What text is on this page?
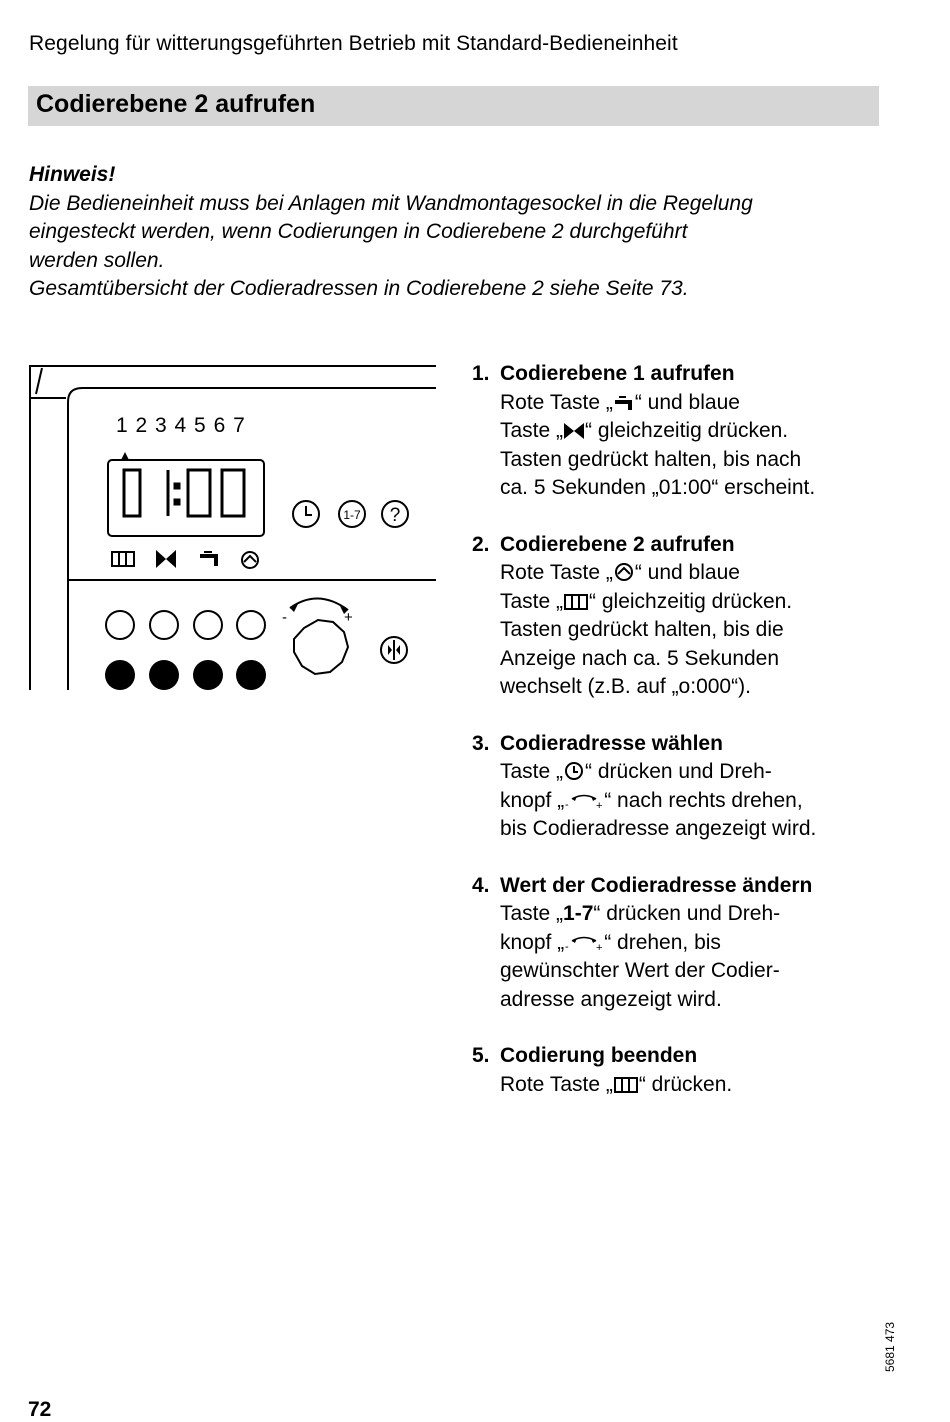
Regelung für witterungsgeführten Betrieb mit Standard-Bedieneinheit
Codierebene 2 aufrufen

Hinweis!

Die Bedieneinheit muss bei Anlagen mit Wandmontagesockel in die Regelung

eingesteckt werden, wenn Codierungen in Codierebene 2 durchgeführt

werden sollen.

Gesamtübersicht der Codieradressen in Codierebene 2 siehe Seite 73.

1-7 ?
-	+
1 2 3 4 5 6 7
1. Codierebene 1 aufrufen

Rote Taste „ “ und blaue

Taste „ “ gleichzeitig drücken.

Tasten gedrückt halten, bis nach

ca. 5 Sekunden „01:00“ erscheint.

2. Codierebene 2 aufrufen

Rote Taste „ “ und blaue

Taste „ “ gleichzeitig drücken.

Tasten gedrückt halten, bis die

Anzeige nach ca. 5 Sekunden

wechselt (z.B. auf „o:000“).

3. Codieradresse wählen

Taste „ “ drücken und Dreh-

knopf „ - + “ nach rechts drehen,

bis Codieradresse angezeigt wird.

4. Wert der Codieradresse ändern

Taste „1-7“ drücken und Dreh-

knopf „ - + “ drehen, bis

gewünschter Wert der Codier-

adresse angezeigt wird.

5. Codierung beenden

Rote Taste „ “ drücken.

5681 473
72
